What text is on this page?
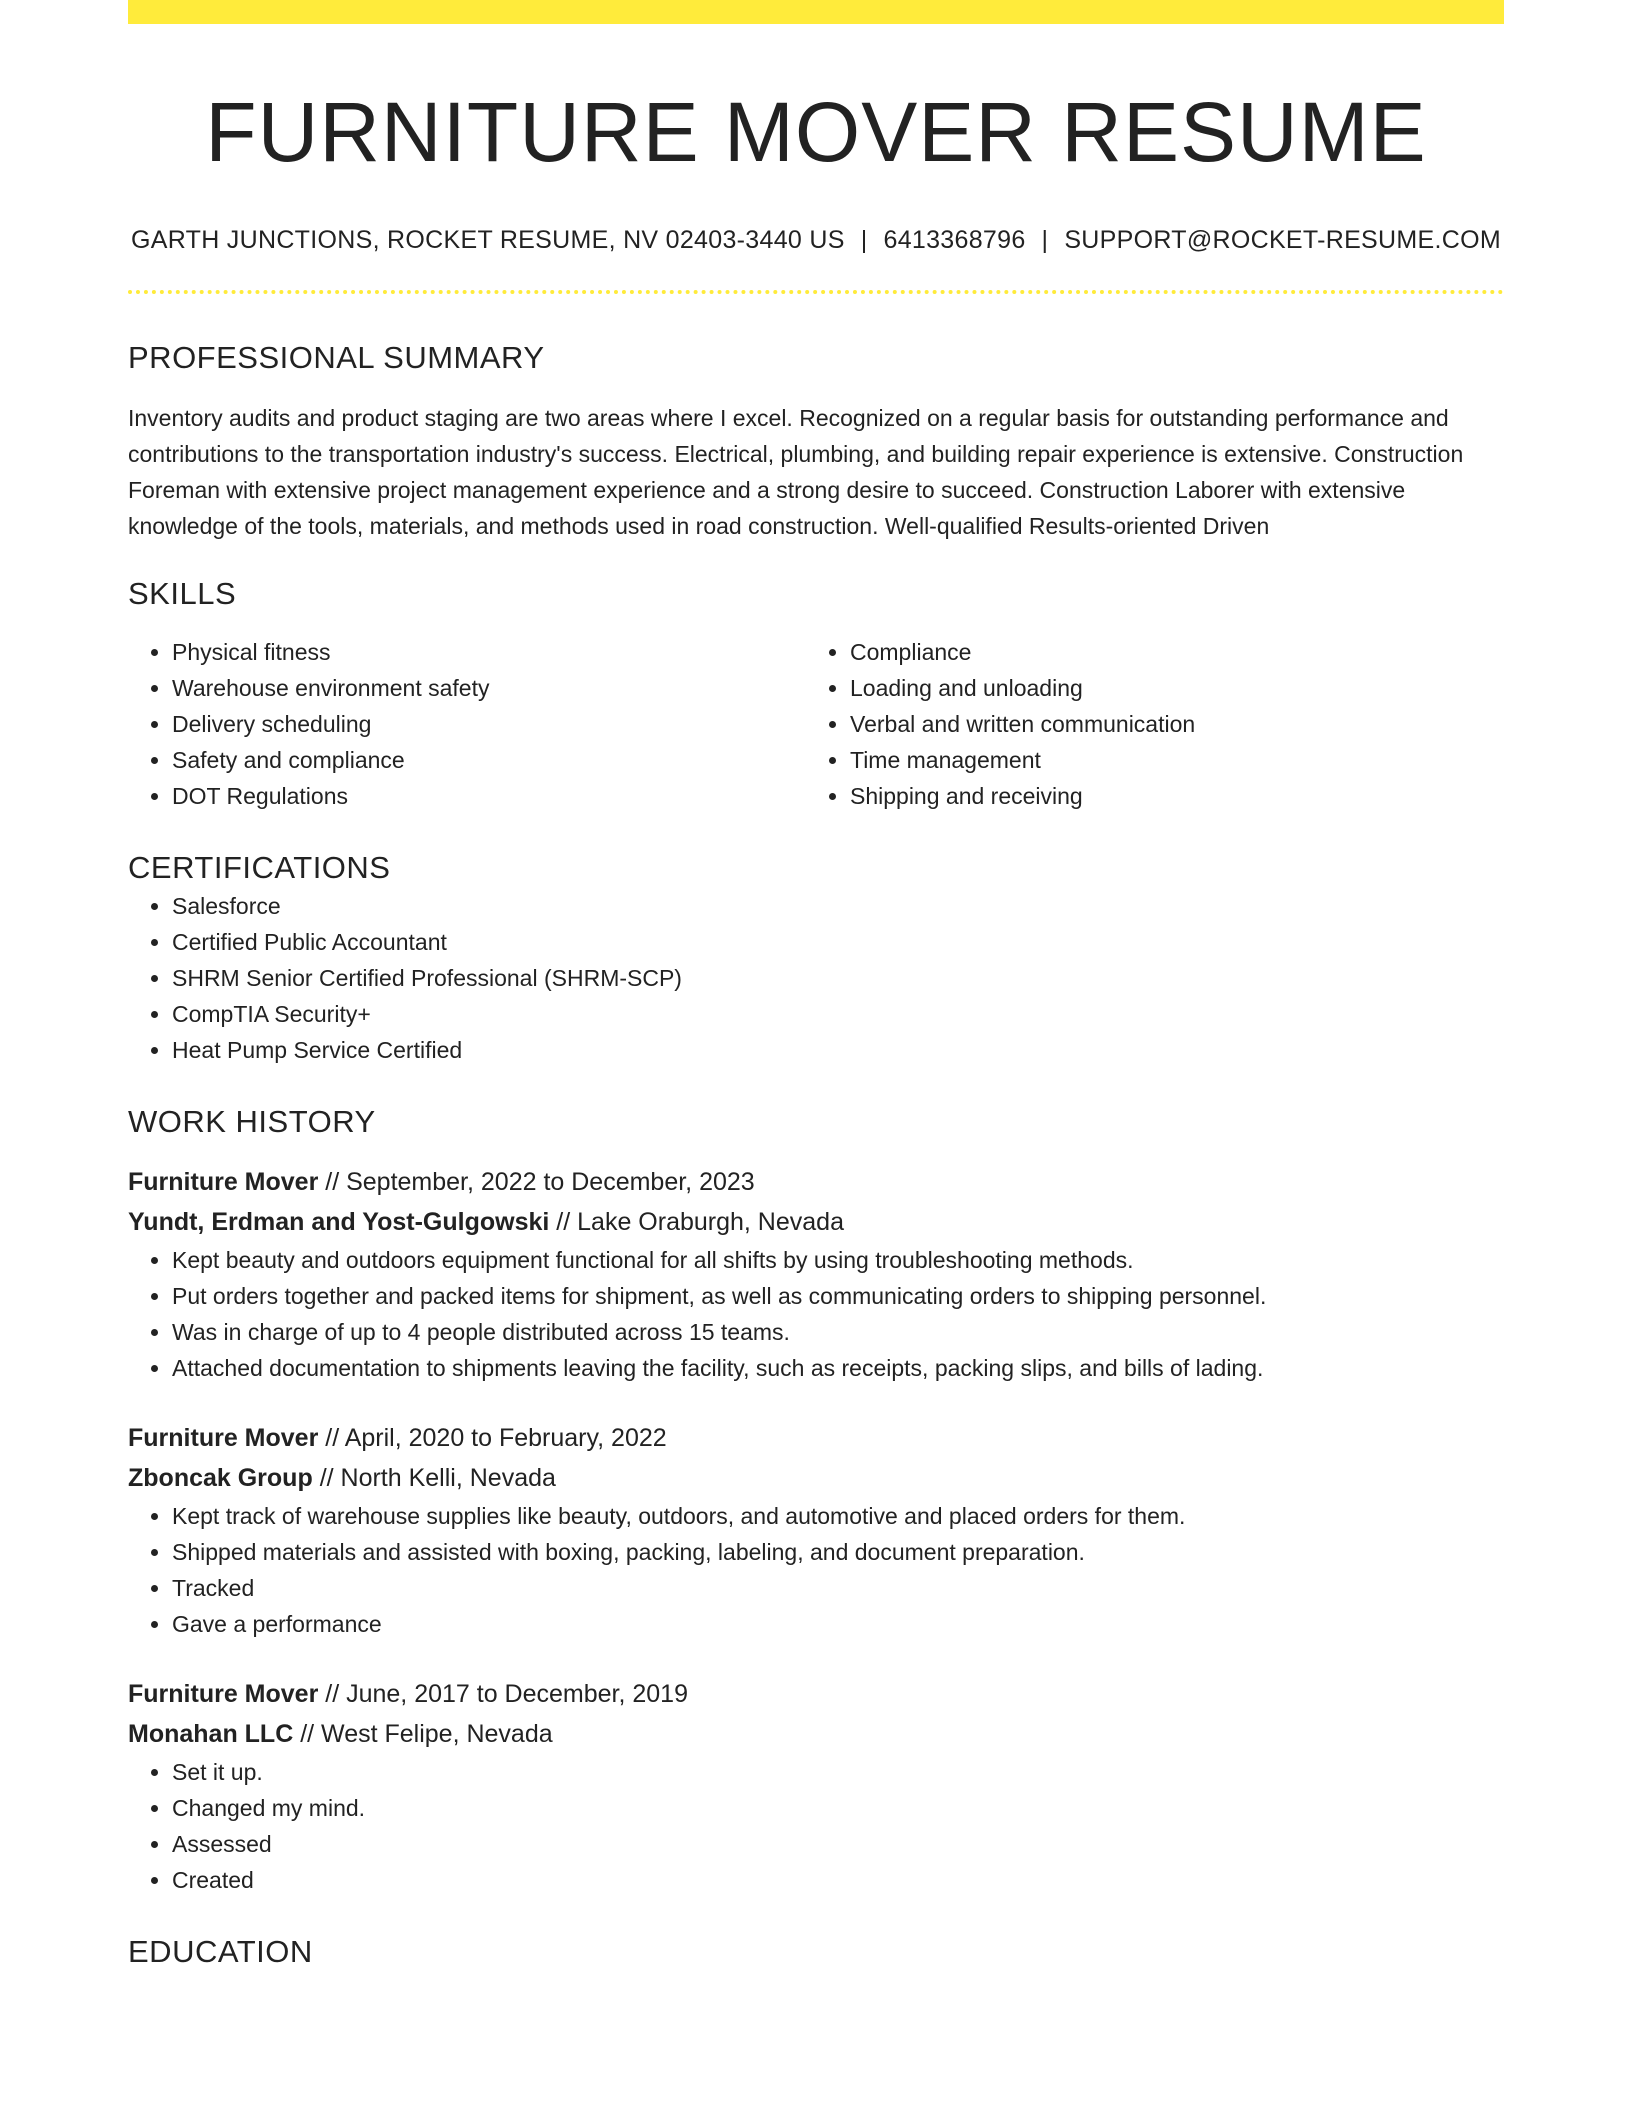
FURNITURE MOVER RESUME
GARTH JUNCTIONS, ROCKET RESUME, NV 02403-3440 US | 6413368796 | SUPPORT@ROCKET-RESUME.COM
PROFESSIONAL SUMMARY

Inventory audits and product staging are two areas where I excel. Recognized on a regular basis for outstanding performance and contributions to the transportation industry's success. Electrical, plumbing, and building repair experience is extensive. Construction Foreman with extensive project management experience and a strong desire to succeed. Construction Laborer with extensive knowledge of the tools, materials, and methods used in road construction. Well-qualified Results-oriented Driven

SKILLS
• Physical fitness
• Warehouse environment safety
• Delivery scheduling
• Safety and compliance
• DOT Regulations
• Compliance
• Loading and unloading
• Verbal and written communication
• Time management
• Shipping and receiving
CERTIFICATIONS
• Salesforce
• Certified Public Accountant
• SHRM Senior Certified Professional (SHRM-SCP)
• CompTIA Security+
• Heat Pump Service Certified
WORK HISTORY
Furniture Mover // September, 2022 to December, 2023
Yundt, Erdman and Yost-Gulgowski // Lake Oraburgh, Nevada
• Kept beauty and outdoors equipment functional for all shifts by using troubleshooting methods.
• Put orders together and packed items for shipment, as well as communicating orders to shipping personnel.
• Was in charge of up to 4 people distributed across 15 teams.
• Attached documentation to shipments leaving the facility, such as receipts, packing slips, and bills of lading.
Furniture Mover // April, 2020 to February, 2022
Zboncak Group // North Kelli, Nevada
• Kept track of warehouse supplies like beauty, outdoors, and automotive and placed orders for them.
• Shipped materials and assisted with boxing, packing, labeling, and document preparation.
• Tracked
• Gave a performance
Furniture Mover // June, 2017 to December, 2019
Monahan LLC // West Felipe, Nevada
• Set it up.
• Changed my mind.
• Assessed
• Created
EDUCATION
